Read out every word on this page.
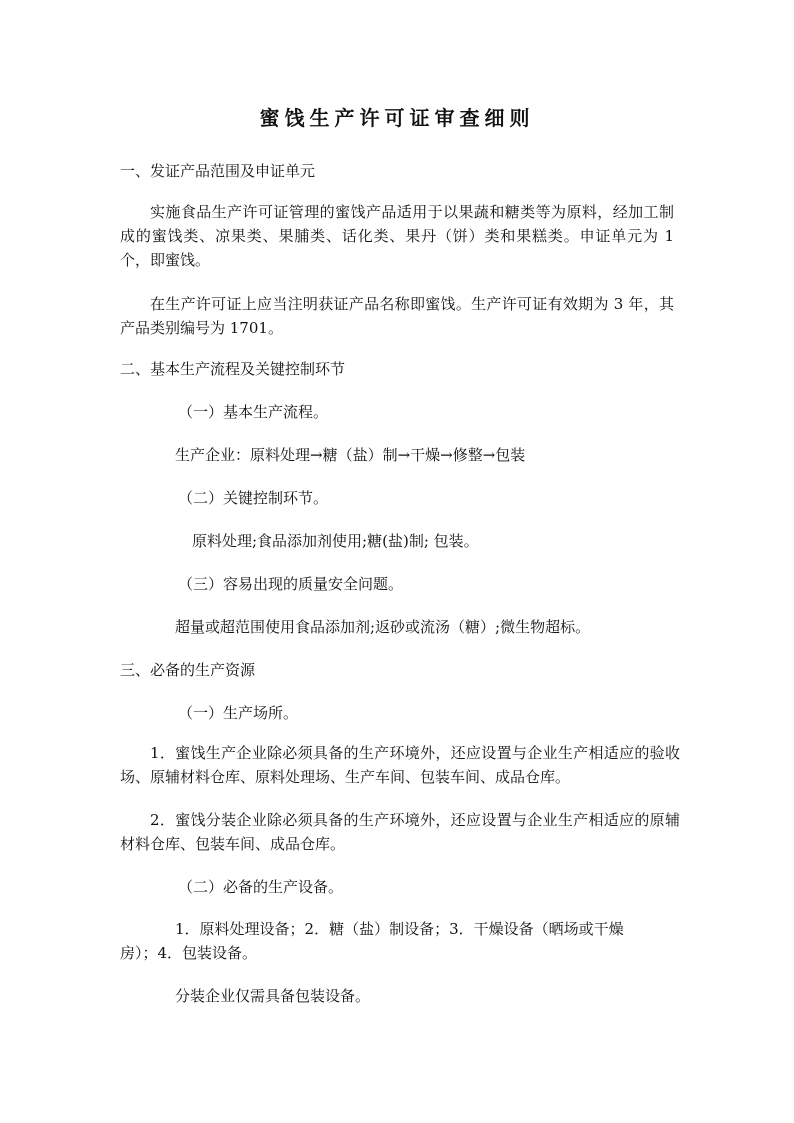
蜜饯生产许可证审查细则
一、发证产品范围及申证单元
实施食品生产许可证管理的蜜饯产品适用于以果蔬和糖类等为原料，经加工制成的蜜饯类、凉果类、果脯类、话化类、果丹（饼）类和果糕类。申证单元为 1 个，即蜜饯。
在生产许可证上应当注明获证产品名称即蜜饯。生产许可证有效期为 3 年，其产品类别编号为 1701。
二、基本生产流程及关键控制环节
（一）基本生产流程。
生产企业：原料处理→糖（盐）制→干燥→修整→包装
（二）关键控制环节。
原料处理;食品添加剂使用;糖(盐)制; 包装。
（三）容易出现的质量安全问题。
超量或超范围使用食品添加剂;返砂或流汤（糖）;微生物超标。
三、必备的生产资源
（一）生产场所。
1．蜜饯生产企业除必须具备的生产环境外，还应设置与企业生产相适应的验收场、原辅材料仓库、原料处理场、生产车间、包装车间、成品仓库。
2．蜜饯分装企业除必须具备的生产环境外，还应设置与企业生产相适应的原辅材料仓库、包装车间、成品仓库。
（二）必备的生产设备。
1．原料处理设备；2．糖（盐）制设备；3．干燥设备（晒场或干燥
房）；4．包装设备。
分装企业仅需具备包装设备。
